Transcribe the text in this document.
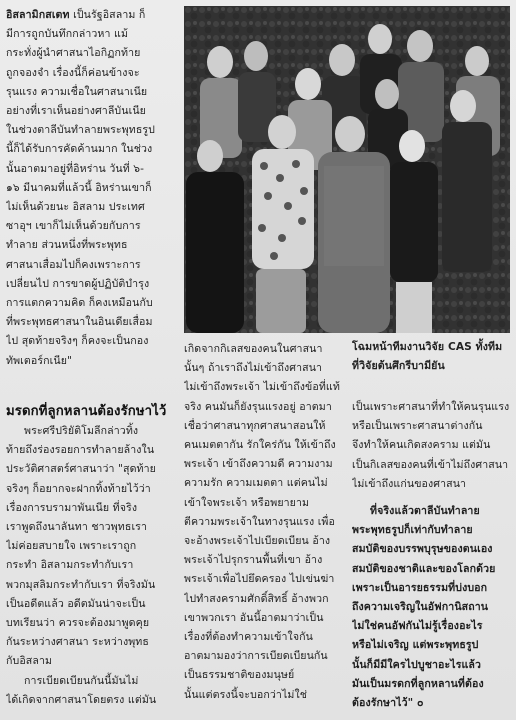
อิสลามิกสเตท เป็นรัฐอิสลาม ก็

มีการถูกบันทึกกล่าวหา แม้

กระทั่งผู้นำศาสนาไอกิฏกท้าย

ถูกจองจำ เรื่องนี้ก็ค่อนข้างจะ

รุนแรง ความเชื่อในศาสนาเนีย

อย่างที่เราเห็นอย่างศาลีบันเนีย

ในช่วงตาลีบันทำลายพระพุทธรูป

นี้ก็ได้รับการคัดค้านมาก ในช่วง

นั้นอาตมาอยู่ที่อิหร่าน วันที่ ๖-

๑๖ มีนาคมที่แล้วนี้ อิหร่านเขาก็

ไม่เห็นด้วยนะ อิสลาม ประเทศ

ซาอุฯ เขาก็ไม่เห็นด้วยกับการ

ทำลาย ส่วนหนึ่งที่พระพุทธ

ศาสนาเสื่อมไปก็คงเพราะการ

เปลี่ยนไป การขาดผู้ปฏิบัติบำรุง

การแตกความคิด ก็คงเหมือนกับ

ที่พระพุทธศาสนาในอินเดียเสื่อม

ไป สุดท้ายจริงๆ ก็คงจะเป็นกอง

ทัพเตอร์กเนีย"

มรดกที่ลูกหลานต้องรักษาไว้

พระศรีปริยัติโมลีกล่าวทิ้ง

ท้ายถึงร่องรอยการทำลายล้างใน

ประวัติศาสตร์ศาสนาว่า "สุดท้าย

จริงๆ ก็อยากจะฝากทิ้งท้ายไว้ว่า

เรื่องการบรามาพันเนีย ที่จริง

เราพูดถึงนาลันทา ชาวพุทธเรา

ไม่ค่อยสบายใจ เพราะเราถูก

กระทำ อิสลามกระทำกับเรา

พวกมุสลิมกระทำกับเรา ที่จริงมัน

เป็นอดีตแล้ว อดีตมันน่าจะเป็น

บทเรียนว่า ควรจะต้องมาพูดคุย

กันระหว่างศาสนา ระหว่างพุทธ

กับอิสลาม

การเบียดเบียนกันนี้มันไม่

ได้เกิดจากศาสนาโดยตรง แต่มัน

โฉมหน้าทีมงานวิจัย CAS ทั้งทีม

ที่วิจัยต้นศึกรีบามียัน

เกิดจากกิเลสของคนในศาสนา

นั้นๆ ถ้าเราถึงไม่เข้าถึงศาสนา

ไม่เข้าถึงพระเจ้า ไม่เข้าถึงข้อที่แท้

จริง คนมันก็ยังรุนแรงอยู่ อาตมา

เชื่อว่าศาสนาทุกศาสนาสอนให้

คนเมตตากัน รักใคร่กัน ให้เข้าถึง

พระเจ้า เข้าถึงความดี ความงาม

ความรัก ความเมตตา แต่คนไม่

เข้าใจพระเจ้า หรือพยายาม

ตีความพระเจ้าในทางรุนแรง เพื่อ

จะอ้างพระเจ้าไปเบียดเบียน อ้าง

พระเจ้าไปรุกรานพื้นที่เขา อ้าง

พระเจ้าเพื่อไปยึดครอง ไปเข่นฆ่า

ไปทำสงครามศักดิ์สิทธิ์ อ้างพวก

เขาพวกเรา อันนี้อาตมาว่าเป็น

เรื่องที่ต้องทำความเข้าใจกัน

อาตมามองว่าการเบียดเบียนกัน

เป็นธรรมชาติของมนุษย์

นั้นแต่ตรงนี้จะบอกว่าไม่ใช่

เป็นเพราะศาสนาที่ทำให้คนรุนแรง

หรือเป็นเพราะศาสนาต่างกัน

จึงทำให้คนเกิดสงคราม แต่มัน

เป็นกิเลสของคนที่เข้าไม่ถึงศาสนา

ไม่เข้าถึงแก่นของศาสนา

ที่จริงแล้วตาลีบันทำลาย

พระพุทธรูปก็เท่ากับทำลาย

สมบัติของบรรพบุรุษของตนเอง

สมบัติของชาติและของโลกด้วย

เพราะเป็นอารยธรรมที่บ่งบอก

ถึงความเจริญในอัฟกานิสถาน

ไม่ใช่คนอัฟกันไม่รู้เรื่องอะไร

หรือไม่เจริญ แต่พระพุทธรูป

นั้นก็มีมีใครไปบูชาอะไรแล้ว

มันเป็นมรดกที่ลูกหลานที่ต้อง

ต้องรักษาไว้" ๐
